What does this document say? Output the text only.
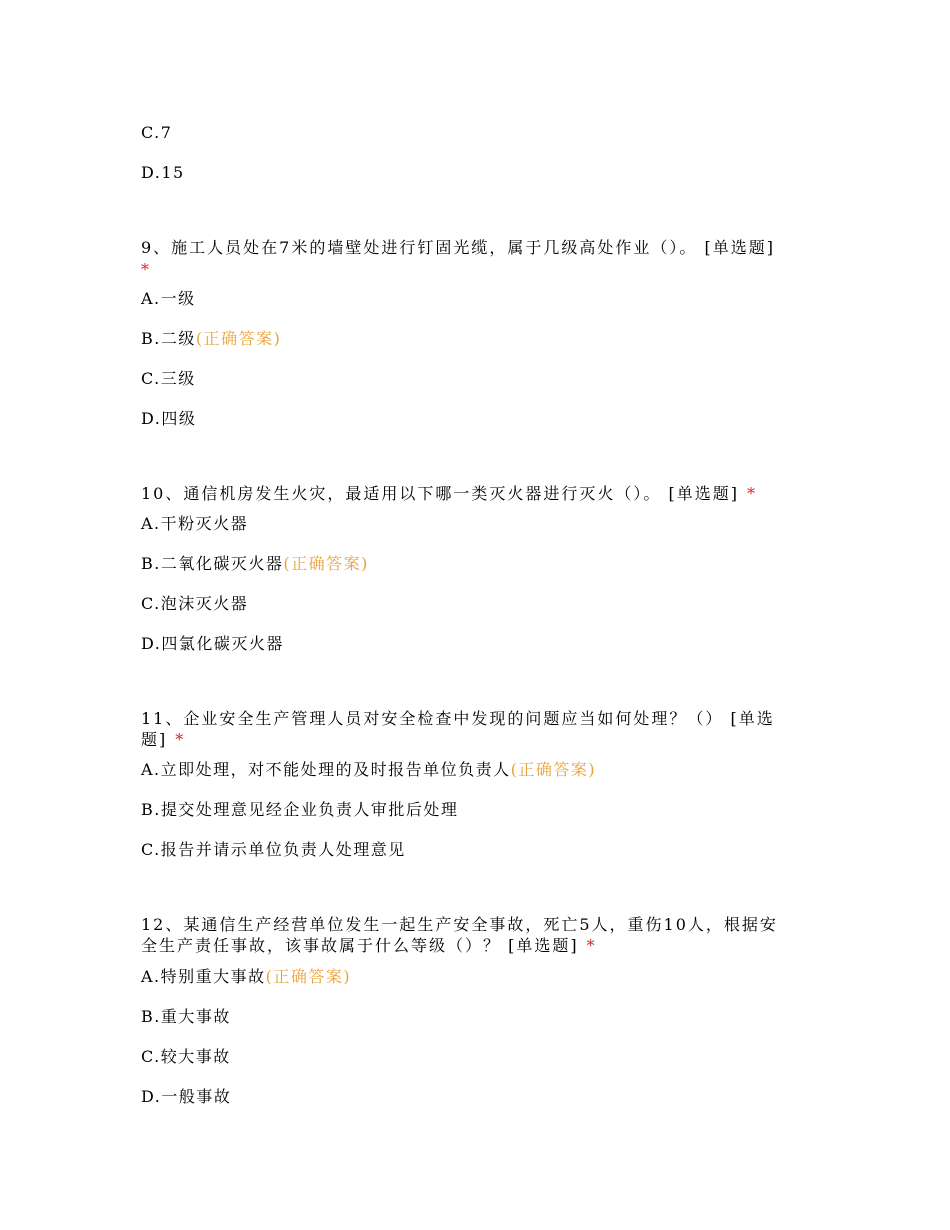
C.7
D.15
9、施工人员处在7米的墙壁处进行钉固光缆，属于几级高处作业（）。 [单选题]
*
A.一级
B.二级(正确答案)
C.三级
D.四级
10、通信机房发生火灾，最适用以下哪一类灭火器进行灭火（）。 [单选题] *
A.干粉灭火器
B.二氧化碳灭火器(正确答案)
C.泡沫灭火器
D.四氯化碳灭火器
11、企业安全生产管理人员对安全检查中发现的问题应当如何处理？（） [单选
题] *
A.立即处理，对不能处理的及时报告单位负责人(正确答案)
B.提交处理意见经企业负责人审批后处理
C.报告并请示单位负责人处理意见
12、某通信生产经营单位发生一起生产安全事故，死亡5人，重伤10人，根据安
全生产责任事故，该事故属于什么等级（）？ [单选题] *
A.特别重大事故(正确答案)
B.重大事故
C.较大事故
D.一般事故
